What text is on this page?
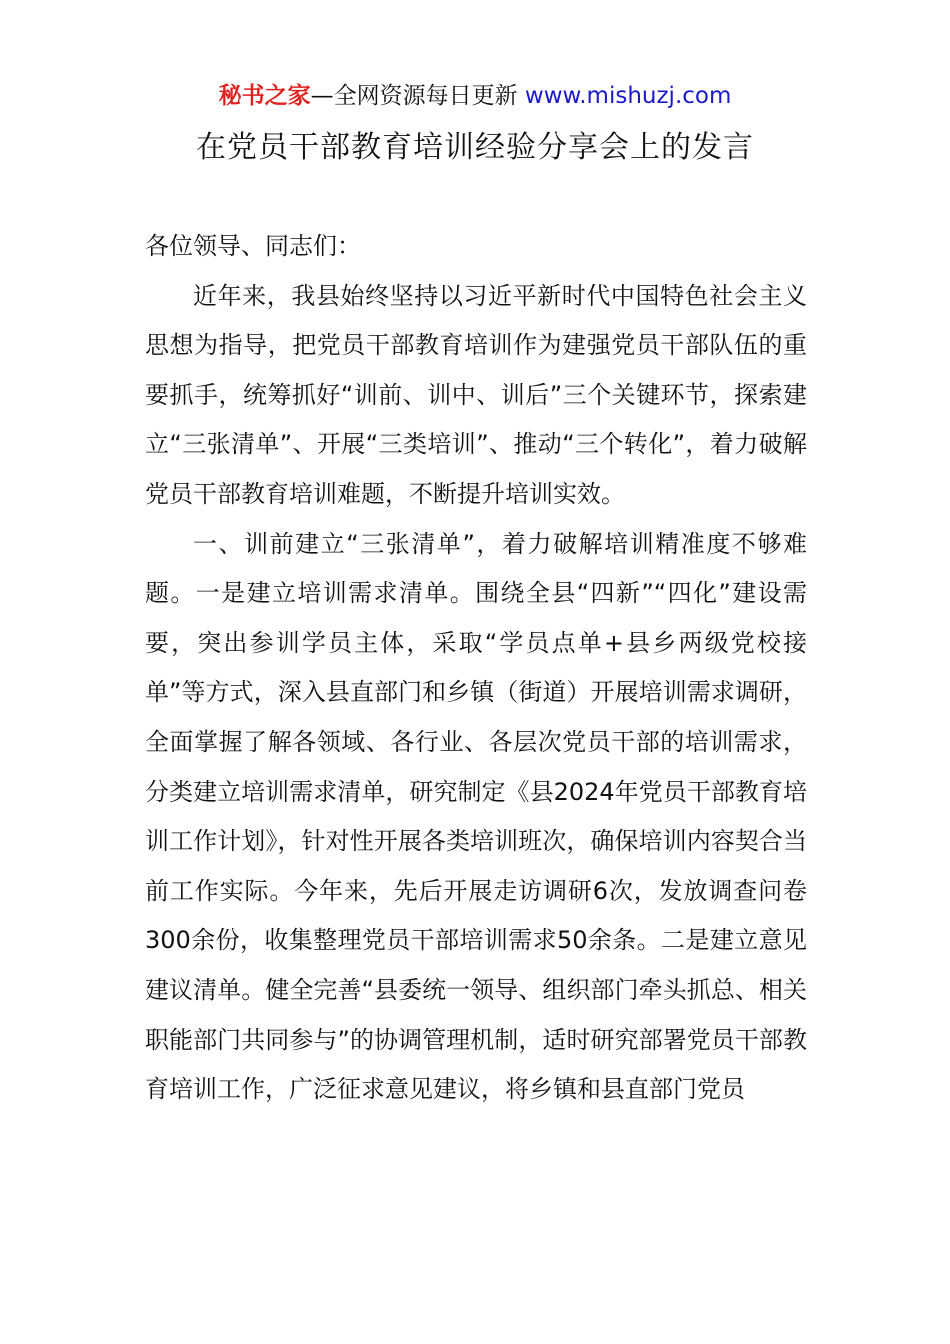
秘书之家—全网资源每日更新 www.mishuzj.com
在党员干部教育培训经验分享会上的发言

各位领导、同志们：

近年来，我县始终坚持以习近平新时代中国特色社会主义思想为指导，把党员干部教育培训作为建强党员干部队伍的重要抓手，统筹抓好“训前、训中、训后”三个关键环节，探索建立“三张清单”、开展“三类培训”、推动“三个转化”，着力破解党员干部教育培训难题，不断提升培训实效。

一、训前建立“三张清单”，着力破解培训精准度不够难题。一是建立培训需求清单。围绕全县“四新”“四化”建设需要，突出参训学员主体，采取“学员点单+县乡两级党校接单”等方式，深入县直部门和乡镇（街道）开展培训需求调研，全面掌握了解各领域、各行业、各层次党员干部的培训需求，分类建立培训需求清单，研究制定《县2024年党员干部教育培训工作计划》，针对性开展各类培训班次，确保培训内容契合当前工作实际。今年来，先后开展走访调研6次，发放调查问卷300余份，收集整理党员干部培训需求50余条。二是建立意见建议清单。健全完善“县委统一领导、组织部门牵头抓总、相关职能部门共同参与”的协调管理机制，适时研究部署党员干部教育培训工作，广泛征求意见建议，将乡镇和县直部门党员
